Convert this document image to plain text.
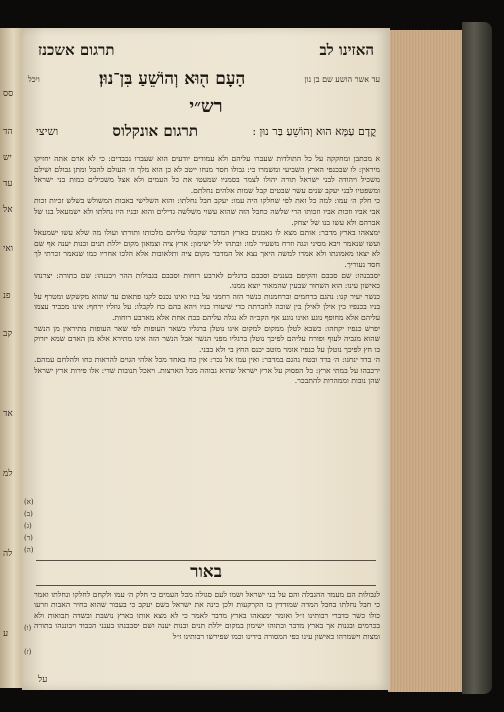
סס
הד
יש
עד
אל
ואי
פנ
קב
אד
למ
לה
ע
תרגום אשכנז	האזינו לב
עד אשר הושע שם בן נון
הָעָם ה֖וּא וְהוֹשֵׁעַ בִּן־נוּן׃
ויכל
רש״י
קֳדָם עַמָּא הוּא וְהוֹשֵׁעַ בַּר נוּן :
תרגום אונקלוס
ושיצי

א מכתבן ומחקקה על כל התולדות שעברו עליהם ולא עמודים יודעים הוא שעברו נכבדים: כי לא ארם אתה יחזיקו מיראין: לו שבכנפי הארץ השביעי ומשמרו כי: גבולו חסר מנחו ייטב לא כן הוא מלך ה׳ העולם להבל ומתן גבולם ושילם משכיל ויהודה לבני ישראל תורה יהולו לצמר בסמניו שמעטו את כל העמים ולא אצל משכילים כמות בני ישראל ומשפטיו לבני יעקב שנים עשר שבטים קבל שמות אלהים נחלתם.

כי חלק ה׳ עמו: למה כל זאת לפי שחלקו היה עמו: יעקב חבל נחלתו: והוא השלישי באבות המשולש בשלש זכיות זכות אבי אביו וזכות אביו וזכותו הרי שלשה כחבל הזה שהוא עשוי משלשה גדילים והוא ובניו היו נחלתו ולא ישמעאל בנו של אברהם ולא עשו בנו של יצחק.

ימצאהו בארץ מדבר: אותם מצא לו נאמנים בארץ המדבר שקבלו עליהם מלכותו ותורתו ועולו מה שלא עשו ישמעאל ועשו שנאמר ויבא מסיני ונגה וזרח משעיר למו: ובתהו ילל ישימון: ארץ ציה וצמאון מקום יללת תנים ובנות יענה אף שם לא יצאו מאמונתו ולא אמרו למשה היאך נצא אל המדבר מקום ציה ותלאובות אלא הלכו אחריו כמו שנאמר זכרתי לך חסד נעוריך.

יסבבנהו: שם סבבם והקיפם בעננים וסבבם בדגלים לארבע רוחות וסבבם בגבולות ההר ויבננהו: שם בתורה: יצרנהו כאישון עינו: הוא השחור שבעין שהמאור יוצא ממנו.

כנשר יעיר קנו: נהגם ברחמים וברחמנות כנשר הזה רחמני על בניו ואינו נכנס לקנו פתאום עד שהוא מקשקש ומטרף על בניו בכנפיו בין אילן לאילן בין שוכה לחברתה כדי שיעורו בניו ויהא בהם כח לקבלו: על גוזליו ירחף: אינו מכביד עצמו עליהם אלא מחופף נוגע ואינו נוגע אף הקב״ה לא נגלה עליהם בבת אחת אלא מארבע רוחות.

יפרש כנפיו יקחהו: כשבא לטלן ממקום למקום אינו נוטלן ברגליו כשאר העופות לפי שאר העופות מתיראין מן הנשר שהוא מגביה לעוף ופורח עליהם לפיכך נוטלן ברגליו מפני הנשר אבל הנשר הזה אינו מתירא אלא מן האדם שמא יזרוק בו חץ לפיכך נוטלן על כנפיו אומר מוטב יכנס החץ בי ולא בבני.

ה׳ בדד ינחנו: ה׳ בדד ובטח נהגם במדבר: ואין עמו אל נכר: אין כח באחד מכל אלהי הגוים להראות כחו ולהלחם עמהם. ירכבהו על במתי ארץ: כל הפסוק על ארץ ישראל שהיא גבוהה מכל הארצות. ויאכל תנובות שדי: אלו פירות ארץ ישראל שהן נובות וממהרות להתבכר.

(א)
(ב)
(ג)
(ד)
(ה)
(ו)
(ז)
באור
לגבולות הם מעמד ההגבלה והם על בני ישראל ושמו לעם סגולה מכל העמים כי חלק ה׳ עמו ולקחם לחלקו ונחלתו ואמר כי חבל נחלתו בחבל המדה שמודדין בו הקרקעות ולכן כינה את ישראל בשם יעקב כי בעבור שהוא בחיר האבות וזרעו כולו כשר כדברי רבותינו ז״ל ואומר ימצאהו בארץ מדבר לאמר כי לא מצא אותו בארץ נושבת ובשדה תבואות ולא בכרמים ובגנות אך בארץ מדבר ובתוהו ישימון במקום יללת תנים ובנות יענה ושם יסבבנהו בענני הכבוד ויבוננהו בתורה ומצות וישמרהו כאישון עינו כפי המסורה בידינו וכמו שפירשו רבותינו ז״ל
על
